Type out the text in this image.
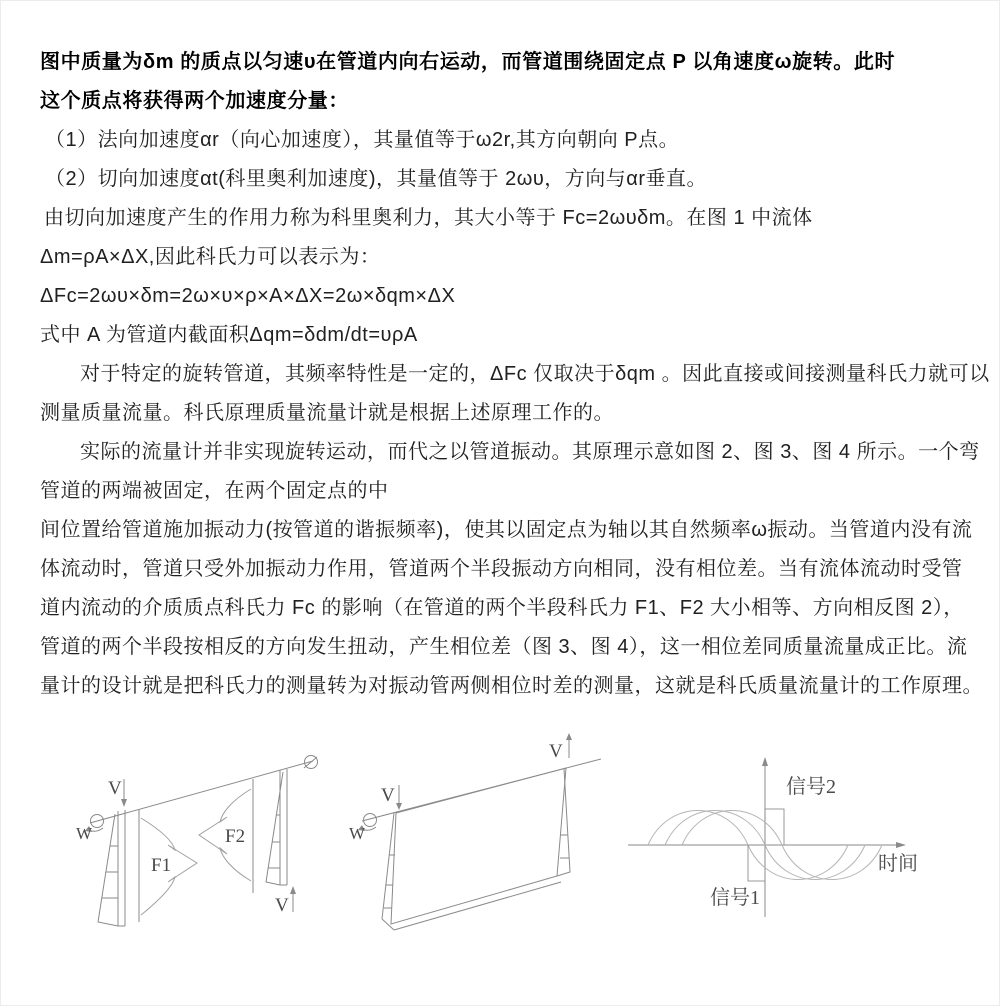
图中质量为δm 的质点以匀速υ在管道内向右运动，而管道围绕固定点 P 以角速度ω旋转。此时
这个质点将获得两个加速度分量：
（1）法向加速度αr（向心加速度），其量值等于ω2r,其方向朝向 P点。
（2）切向加速度αt(科里奥利加速度)，其量值等于 2ωυ，方向与αr垂直。
由切向加速度产生的作用力称为科里奥利力，其大小等于 Fc=2ωυδm。在图 1 中流体
Δm=ρA×ΔX,因此科氏力可以表示为：
ΔFc=2ωυ×δm=2ω×υ×ρ×A×ΔX=2ω×δqm×ΔX
式中 A 为管道内截面积Δqm=δdm/dt=υρA
对于特定的旋转管道，其频率特性是一定的，ΔFc 仅取决于δqm 。因此直接或间接测量科氏力就可以
测量质量流量。科氏原理质量流量计就是根据上述原理工作的。
实际的流量计并非实现旋转运动，而代之以管道振动。其原理示意如图 2、图 3、图 4 所示。一个弯
管道的两端被固定，在两个固定点的中
间位置给管道施加振动力(按管道的谐振频率)，使其以固定点为轴以其自然频率ω振动。当管道内没有流
体流动时，管道只受外加振动力作用，管道两个半段振动方向相同，没有相位差。当有流体流动时受管
道内流动的介质质点科氏力 Fc 的影响（在管道的两个半段科氏力 F1、F2 大小相等、方向相反图 2），
管道的两个半段按相反的方向发生扭动，产生相位差（图 3、图 4），这一相位差同质量流量成正比。流
量计的设计就是把科氏力的测量转为对振动管两侧相位时差的测量，这就是科氏质量流量计的工作原理。
W
V
F1
F2
V
W
V
V
信号2
信号1
时间
